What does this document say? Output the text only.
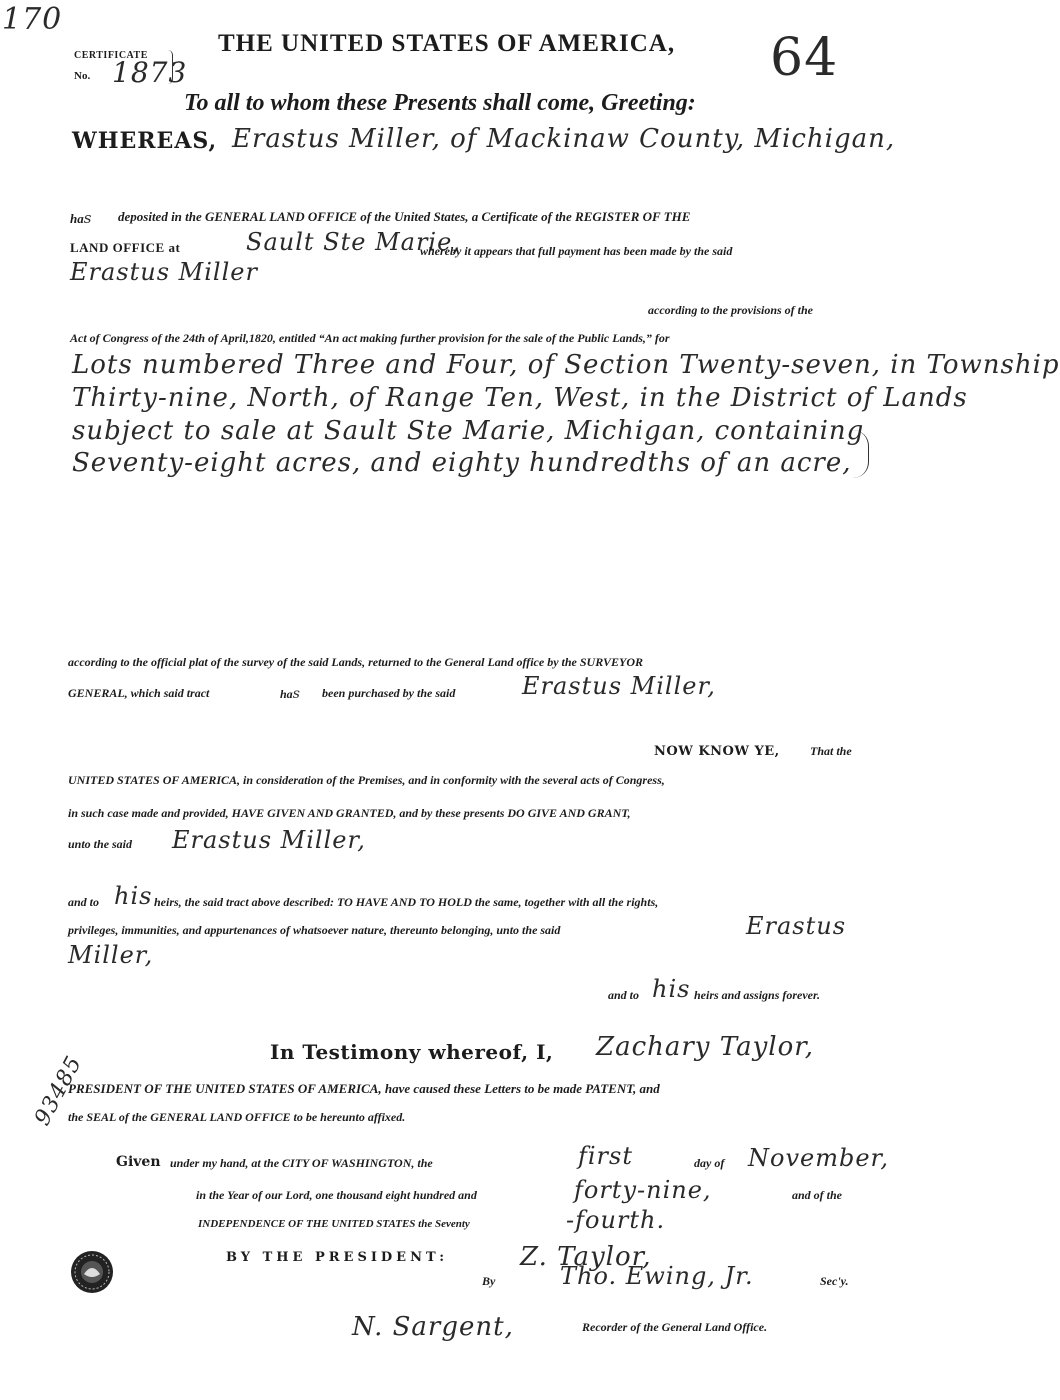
170
64
93485
CERTIFICATE
No. 1873
THE UNITED STATES OF AMERICA,
To all to whom these Presents shall come, Greeting:
WHEREAS, Erastus Miller, of Mackinaw County, Michigan,
has deposited in the GENERAL LAND OFFICE of the United States, a Certificate of the REGISTER OF THE
LAND OFFICE at	Sault Ste Marie,
whereby it appears that full payment has been made by the said
Erastus Miller
according to the provisions of the
Act of Congress of the 24th of April,1820, entitled “An act making further provision for the sale of the Public Lands,” for
Lots numbered Three and Four, of Section Twenty-seven, in Township
Thirty-nine, North, of Range Ten, West, in the District of Lands
subject to sale at Sault Ste Marie, Michigan, containing
Seventy-eight acres, and eighty hundredths of an acre,
according to the official plat of the survey of the said Lands, returned to the General Land office by the SURVEYOR
GENERAL, which said tract	has been purchased by the said	Erastus Miller,
NOW KNOW YE,	That the
UNITED STATES OF AMERICA, in consideration of the Premises, and in conformity with the several acts of Congress,
in such case made and provided, HAVE GIVEN AND GRANTED, and by these presents DO GIVE AND GRANT,
unto the said Erastus Miller,
and to his heirs, the said tract above described: TO HAVE AND TO HOLD the same, together with all the rights,
privileges, immunities, and appurtenances of whatsoever nature, thereunto belonging, unto the said	Erastus
Miller,
and to his heirs and assigns forever.
In Testimony whereof, I, Zachary Taylor,
PRESIDENT OF THE UNITED STATES OF AMERICA, have caused these Letters to be made PATENT, and
the SEAL of the GENERAL LAND OFFICE to be hereunto affixed.
Given under my hand, at the CITY OF WASHINGTON, the	first	day of November,
in the Year of our Lord, one thousand eight hundred and	forty-nine,	and of the
INDEPENDENCE OF THE UNITED STATES the Seventy	-fourth.
BY THE PRESIDENT:	Z. Taylor,
By	Tho. Ewing, Jr.	Sec'y.
N. Sargent,	Recorder of the General Land Office.
